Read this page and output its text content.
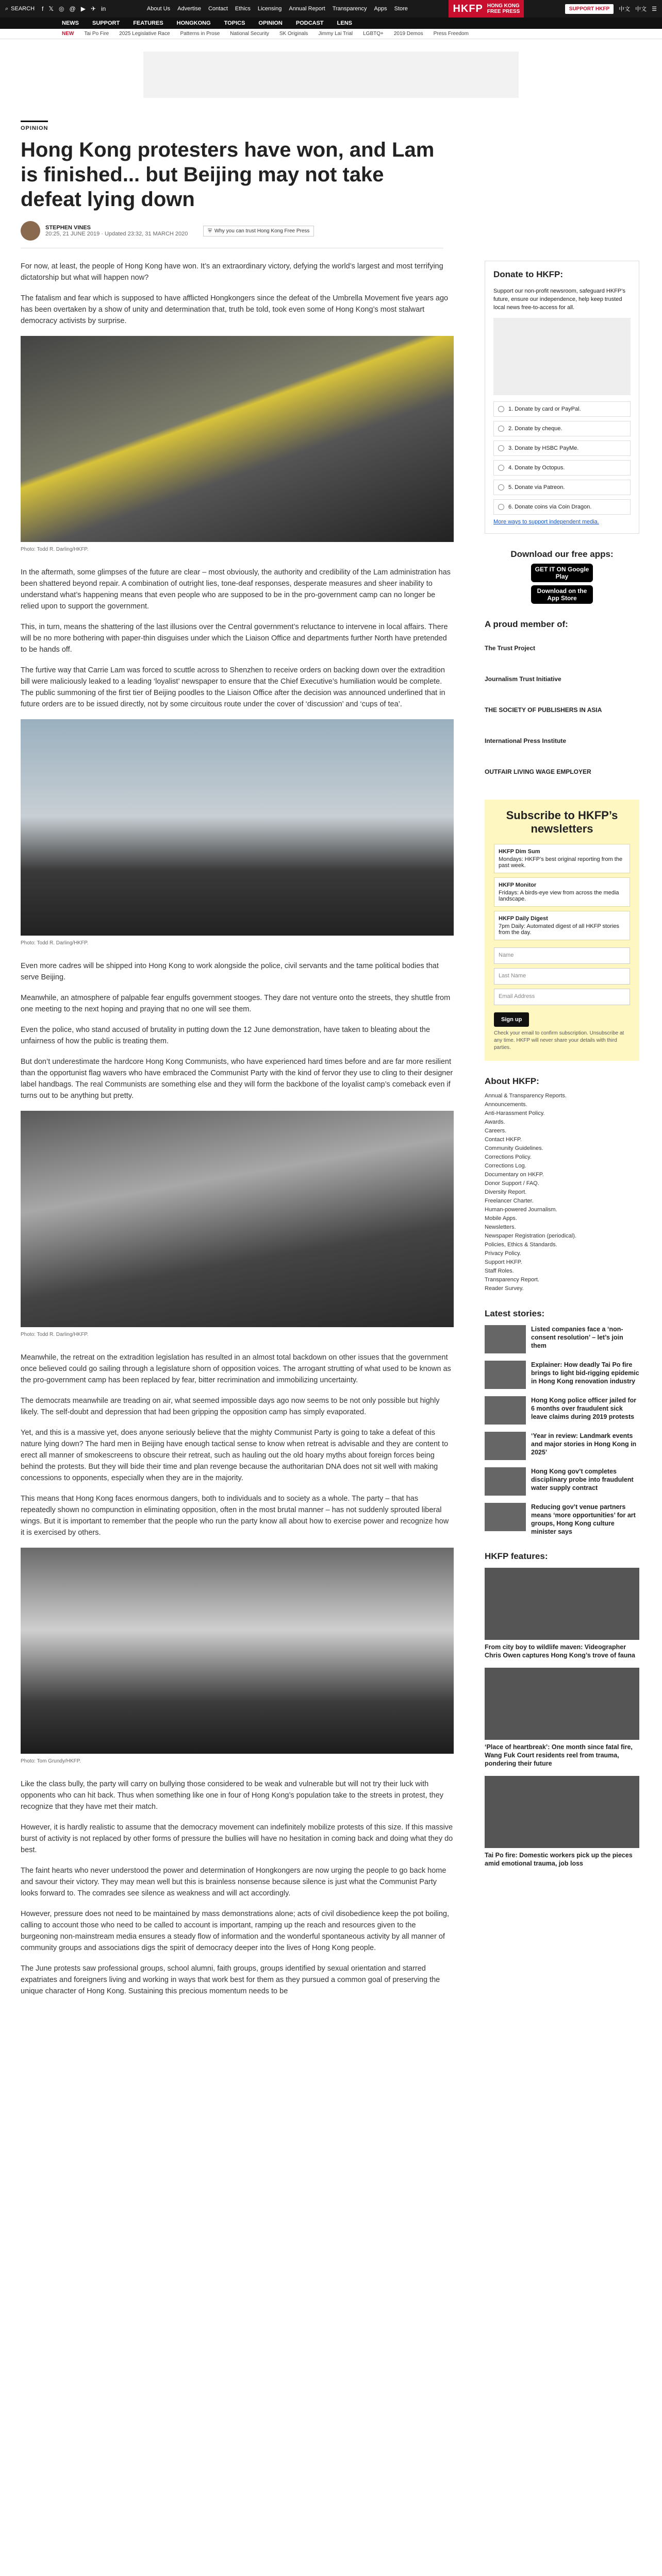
⌕ SEARCH f 𝕏 ◎ @ ▶ ✈ in	About Us Advertise Contact Ethics Licensing Annual Report Transparency Apps Store	HKFP HONG KONG
FREE PRESS	SUPPORT HKFP	中文 中文 ☰
NEWS SUPPORT FEATURES HONGKONG TOPICS OPINION PODCAST LENS
NEW Tai Po Fire 2025 Legislative Race Patterns in Prose National Security SK Originals Jimmy Lai Trial LGBTQ+ 2019 Demos Press Freedom
OPINION
Hong Kong protesters have won, and Lam is finished... but Beijing may not take defeat lying down
STEPHEN VINES
20:25, 21 JUNE 2019 · Updated 23:32, 31 MARCH 2020	⛨ Why you can trust Hong Kong Free Press

For now, at least, the people of Hong Kong have won. It’s an extraordinary victory, defying the world’s largest and most terrifying dictatorship but what will happen now?

The fatalism and fear which is supposed to have afflicted Hongkongers since the defeat of the Umbrella Movement five years ago has been overtaken by a show of unity and determination that, truth be told, took even some of Hong Kong’s most stalwart democracy activists by surprise.

Photo: Todd R. Darling/HKFP.

In the aftermath, some glimpses of the future are clear – most obviously, the authority and credibility of the Lam administration has been shattered beyond repair. A combination of outright lies, tone-deaf responses, desperate measures and sheer inability to understand what’s happening means that even people who are supposed to be in the pro-government camp can no longer be relied upon to support the government.

This, in turn, means the shattering of the last illusions over the Central government’s reluctance to intervene in local affairs. There will be no more bothering with paper-thin disguises under which the Liaison Office and departments further North have pretended to be hands off.

The furtive way that Carrie Lam was forced to scuttle across to Shenzhen to receive orders on backing down over the extradition bill were maliciously leaked to a leading ‘loyalist’ newspaper to ensure that the Chief Executive’s humiliation would be complete. The public summoning of the first tier of Beijing poodles to the Liaison Office after the decision was announced underlined that in future orders are to be issued directly, not by some circuitous route under the cover of ‘discussion’ and ‘cups of tea’.

Photo: Todd R. Darling/HKFP.

Even more cadres will be shipped into Hong Kong to work alongside the police, civil servants and the tame political bodies that serve Beijing.

Meanwhile, an atmosphere of palpable fear engulfs government stooges. They dare not venture onto the streets, they shuttle from one meeting to the next hoping and praying that no one will see them.

Even the police, who stand accused of brutality in putting down the 12 June demonstration, have taken to bleating about the unfairness of how the public is treating them.

But don’t underestimate the hardcore Hong Kong Communists, who have experienced hard times before and are far more resilient than the opportunist flag wavers who have embraced the Communist Party with the kind of fervor they use to cling to their designer label handbags. The real Communists are something else and they will form the backbone of the loyalist camp’s comeback even if turns out to be anything but pretty.

Photo: Todd R. Darling/HKFP.

Meanwhile, the retreat on the extradition legislation has resulted in an almost total backdown on other issues that the government once believed could go sailing through a legislature shorn of opposition voices. The arrogant strutting of what used to be known as the pro-government camp has been replaced by fear, bitter recrimination and immobilizing uncertainty.

The democrats meanwhile are treading on air, what seemed impossible days ago now seems to be not only possible but highly likely. The self-doubt and depression that had been gripping the opposition camp has simply evaporated.

Yet, and this is a massive yet, does anyone seriously believe that the mighty Communist Party is going to take a defeat of this nature lying down? The hard men in Beijing have enough tactical sense to know when retreat is advisable and they are content to erect all manner of smokescreens to obscure their retreat, such as hauling out the old hoary myths about foreign forces being behind the protests. But they will bide their time and plan revenge because the authoritarian DNA does not sit well with making concessions to opponents, especially when they are in the majority.

This means that Hong Kong faces enormous dangers, both to individuals and to society as a whole. The party – that has repeatedly shown no compunction in eliminating opposition, often in the most brutal manner – has not suddenly sprouted liberal wings. But it is important to remember that the people who run the party know all about how to exercise power and recognize how it is exercised by others.

Photo: Tom Grundy/HKFP.

Like the class bully, the party will carry on bullying those considered to be weak and vulnerable but will not try their luck with opponents who can hit back. Thus when something like one in four of Hong Kong’s population take to the streets in protest, they recognize that they have met their match.

However, it is hardly realistic to assume that the democracy movement can indefinitely mobilize protests of this size. If this massive burst of activity is not replaced by other forms of pressure the bullies will have no hesitation in coming back and doing what they do best.

The faint hearts who never understood the power and determination of Hongkongers are now urging the people to go back home and savour their victory. They may mean well but this is brainless nonsense because silence is just what the Communist Party looks forward to. The comrades see silence as weakness and will act accordingly.

However, pressure does not need to be maintained by mass demonstrations alone; acts of civil disobedience keep the pot boiling, calling to account those who need to be called to account is important, ramping up the reach and resources given to the burgeoning non-mainstream media ensures a steady flow of information and the wonderful spontaneous activity by all manner of community groups and associations digs the spirit of democracy deeper into the lives of Hong Kong people.

The June protests saw professional groups, school alumni, faith groups, groups identified by sexual orientation and starred expatriates and foreigners living and working in ways that work best for them as they pursued a common goal of preserving the unique character of Hong Kong. Sustaining this precious momentum needs to be

Donate to HKFP:

Support our non-profit newsroom, safeguard HKFP’s future, ensure our independence, help keep trusted local news free-to-access for all.

1. Donate by card or PayPal.
2. Donate by cheque.
3. Donate by HSBC PayMe.
4. Donate by Octopus.
5. Donate via Patreon.
6. Donate coins via Coin Dragon.
More ways to support independent media.
Download our free apps:
GET IT ON Google Play
Download on the App Store
A proud member of:
The Trust Project
Journalism Trust Initiative
THE SOCIETY OF PUBLISHERS IN ASIA
International Press Institute
OUTFAIR LIVING WAGE EMPLOYER
Subscribe to HKFP’s newsletters
HKFP Dim Sum
Mondays: HKFP’s best original reporting from the past week.
HKFP Monitor
Fridays: A birds-eye view from across the media landscape.
HKFP Daily Digest
7pm Daily: Automated digest of all HKFP stories from the day.
Name
Last Name
Email Address
Sign up

Check your email to confirm subscription. Unsubscribe at any time. HKFP will never share your details with third parties.

About HKFP:
Annual & Transparency Reports.
Announcements.
Anti-Harassment Policy.
Awards.
Careers.
Contact HKFP.
Community Guidelines.
Corrections Policy.
Corrections Log.
Documentary on HKFP.
Donor Support / FAQ.
Diversity Report.
Freelancer Charter.
Human-powered Journalism.
Mobile Apps.
Newsletters.
Newspaper Registration (periodical).
Policies, Ethics & Standards.
Privacy Policy.
Support HKFP.
Staff Roles.
Transparency Report.
Reader Survey.
Latest stories:
Listed companies face a ‘non-consent resolution’ – let’s join them
Explainer: How deadly Tai Po fire brings to light bid-rigging epidemic in Hong Kong renovation industry
Hong Kong police officer jailed for 6 months over fraudulent sick leave claims during 2019 protests
‘Year in review: Landmark events and major stories in Hong Kong in 2025’
Hong Kong gov’t completes disciplinary probe into fraudulent water supply contract
Reducing gov’t venue partners means ‘more opportunities’ for art groups, Hong Kong culture minister says
HKFP features:
From city boy to wildlife maven: Videographer Chris Owen captures Hong Kong’s trove of fauna
‘Place of heartbreak’: One month since fatal fire, Wang Fuk Court residents reel from trauma, pondering their future
Tai Po fire: Domestic workers pick up the pieces amid emotional trauma, job loss
